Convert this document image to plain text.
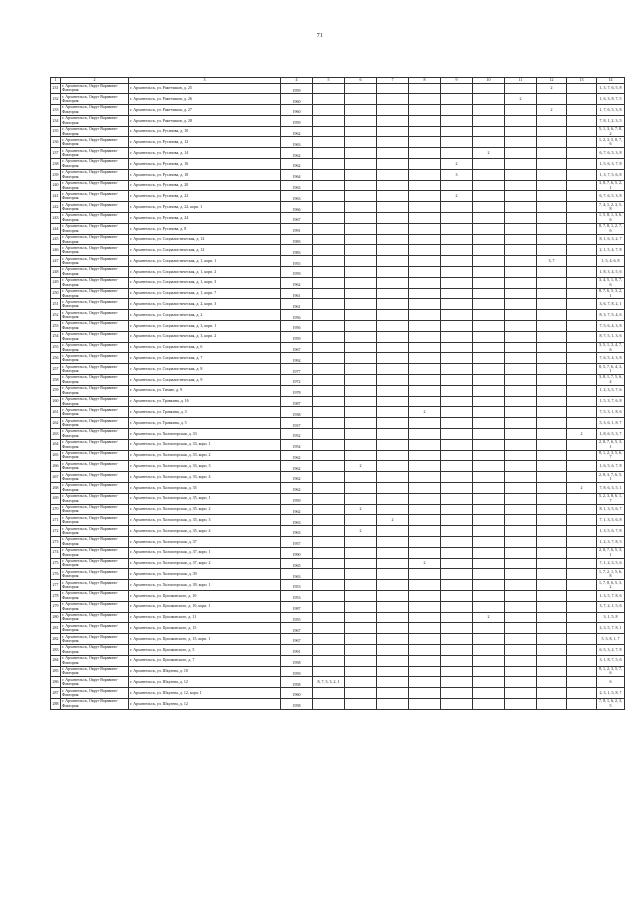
71
1	2	3	4	5	6	7	8	9	10	11	12	13	14
231	г. Архангельск, Округ Варавино-Фактория	г. Архангельск, ул. Ракетчиков, д. 25	1959								2		1, 3, 7, 6, 5, 8
232	г. Архангельск, Округ Варавино-Фактория	г. Архангельск, ул. Ракетчиков, д. 26	1960							2			1, 6, 3, 8, 7, 5
233	г. Архангельск, Округ Варавино-Фактория	г. Архангельск, ул. Ракетчиков, д. 27	1960								2		1, 7, 6, 5, 3, 8
234	г. Архангельск, Округ Варавино-Фактория	г. Архангельск, ул. Ракетчиков, д. 28	1959										7, 8, 1, 2, 3, 5
235	г. Архангельск, Округ Варавино-Фактория	г. Архангельск, ул. Русанова, д. 10	1962										5, 1, 3, 6, 7, 8, 2
236	г. Архангельск, Округ Варавино-Фактория	г. Архангельск, ул. Русанова, д. 12	1963										1, 2, 3, 5, 8, 7, 6
237	г. Архангельск, Округ Варавино-Фактория	г. Архангельск, ул. Русанова, д. 14	1962						2				6, 7, 6, 5, 3, 8
238	г. Архангельск, Округ Варавино-Фактория	г. Архангельск, ул. Русанова, д. 16	1962					2					1, 5, 6, 3, 7, 8
239	г. Архангельск, Округ Варавино-Фактория	г. Архангельск, ул. Русанова, д. 18	1964					3					1, 3, 7, 5, 6, 8
240	г. Архангельск, Округ Варавино-Фактория	г. Архангельск, ул. Русанова, д. 20	1963										3, 8, 7, 6, 5, 2, 1
241	г. Архангельск, Округ Варавино-Фактория	г. Архангельск, ул. Русанова, д. 22	1963					2					6, 7, 6, 5, 3, 8
242	г. Архангельск, Округ Варавино-Фактория	г. Архангельск, ул. Русанова, д. 22, корп. 1	1966										7, 4, 1, 2, 3, 5, 8
243	г. Архангельск, Округ Варавино-Фактория	г. Архангельск, ул. Русанова, д. 24	1967										1, 5, 8, 1, 3, 6, 6
244	г. Архангельск, Округ Варавино-Фактория	г. Архангельск, ул. Русанова, д. 8	1991										8, 7, 8, 1, 2, 7, 6
245	г. Архангельск, Округ Варавино-Фактория	г. Архангельск, ул. Социалистическая, д. 12	1983										8, 1, 6, 3, 2, 7
246	г. Архангельск, Округ Варавино-Фактория	г. Архангельск, ул. Социалистическая, д. 12	1983										2, 1, 5, 4, 7, 8
247	г. Архангельск, Округ Варавино-Фактория	г. Архангельск, ул. Социалистическая, д. 1, корп. 1	1955								3, 7		1, 5, 4, 6, 8
248	г. Архангельск, Округ Варавино-Фактория	г. Архангельск, ул. Социалистическая, д. 1, корп. 2	1959										1, 8, 3, 4, 5, 6
249	г. Архангельск, Округ Варавино-Фактория	г. Архангельск, ул. Социалистическая, д. 1, корп. 3	1962										3, 4, 5, 1, 8, 7, 6
250	г. Архангельск, Округ Варавино-Фактория	г. Архангельск, ул. Социалистическая, д. 1, корп. 7	1961										8, 7, 6, 5, 3, 2, 1
251	г. Архангельск, Округ Варавино-Фактория	г. Архангельск, ул. Социалистическая, д. 2, корп. 3	1961										3, 6, 7, 8, 2, 1
252	г. Архангельск, Округ Варавино-Фактория	г. Архангельск, ул. Социалистическая, д. 2	1956										8, 3, 7, 5, 4, 6
253	г. Архангельск, Округ Варавино-Фактория	г. Архангельск, ул. Социалистическая, д. 3, корп. 1	1956										7, 5, 6, 4, 3, 8
254	г. Архангельск, Округ Варавино-Фактория	г. Архангельск, ул. Социалистическая, д. 3, корп. 2	1959										8, 7, 5, 1, 3, 6
255	г. Архангельск, Округ Варавино-Фактория	г. Архангельск, ул. Социалистическая, д. 6	1967										3, 5, 1, 3, 4, 7, 6
256	г. Архангельск, Округ Варавино-Фактория	г. Архангельск, ул. Социалистическая, д. 7	1992										7, 6, 5, 4, 3, 8
257	г. Архангельск, Округ Варавино-Фактория	г. Архангельск, ул. Социалистическая, д. 8	1977										8, 5, 7, 6, 4, 3, 1
258	г. Архангельск, Округ Варавино-Фактория	г. Архангельск, ул. Социалистическая, д. 9	1972										3, 8, 1, 7, 5, 6, 4
259	г. Архангельск, Округ Варавино-Фактория	г. Архангельск, ул. Тимме, д. 9	1978										1, 2, 3, 5, 7, 6
260	г. Архангельск, Округ Варавино-Фактория	г. Архангельск, ул. Травкина, д. 16	1987										1, 5, 3, 7, 6, 8
261	г. Архангельск, Округ Варавино-Фактория	г. Архангельск, ул. Травкина, д. 3	1938				2						7, 5, 3, 1, 8, 6
262	г. Архангельск, Округ Варавино-Фактория	г. Архангельск, ул. Травкина, д. 5	1937										5, 3, 6, 1, 8, 7
263	г. Архангельск, Округ Варавино-Фактория	г. Архангельск, ул. Холмогорская, д. 33	1952									2	1, 8, 6, 5, 3, 7
264	г. Архангельск, Округ Варавино-Фактория	г. Архангельск, ул. Холмогорская, д. 33, корп. 1	1954										2, 8, 7, 6, 5, 3, 1
265	г. Архангельск, Округ Варавино-Фактория	г. Архангельск, ул. Холмогорская, д. 33, корп. 2	1962										8, 1, 2, 3, 5, 6, 7
266	г. Архангельск, Округ Варавино-Фактория	г. Архангельск, ул. Холмогорская, д. 33, корп. 3	1962		2								1, 6, 5, 6, 7, 8
267	г. Архангельск, Округ Варавино-Фактория	г. Архангельск, ул. Холмогорская, д. 33, корп. 4	1962										2, 8, 3, 7, 6, 5, 1
268	г. Архангельск, Округ Варавино-Фактория	г. Архангельск, ул. Холмогорская, д. 35	1962									2	7, 8, 6, 3, 5, 1
269	г. Архангельск, Округ Варавино-Фактория	г. Архангельск, ул. Холмогорская, д. 35, корп. 1	1959										5, 2, 3, 8, 6, 1, 7
270	г. Архангельск, Округ Варавино-Фактория	г. Архангельск, ул. Холмогорская, д. 35, корп. 2	1962		2								8, 1, 3, 5, 6, 7
271	г. Архангельск, Округ Варавино-Фактория	г. Архангельск, ул. Холмогорская, д. 35, корп. 3	1963			2							7, 1, 3, 5, 6, 8
272	г. Архангельск, Округ Варавино-Фактория	г. Архангельск, ул. Холмогорская, д. 35, корп. 4	1963		2								1, 3, 5, 6, 7, 8
273	г. Архангельск, Округ Варавино-Фактория	г. Архангельск, ул. Холмогорская, д. 37	1957										1, 2, 3, 7, 8, 5
274	г. Архангельск, Округ Варавино-Фактория	г. Архангельск, ул. Холмогорская, д. 37, корп. 1	1990										2, 8, 7, 6, 5, 3, 1
275	г. Архангельск, Округ Варавино-Фактория	г. Архангельск, ул. Холмогорская, д. 37, корп. 2	1965				2						7, 1, 2, 3, 5, 6
276	г. Архангельск, Округ Варавино-Фактория	г. Архангельск, ул. Холмогорская, д. 39	1963										1, 7, 2, 1, 5, 6, 8
277	г. Архангельск, Округ Варавино-Фактория	г. Архангельск, ул. Холмогорская, д. 39, корп. 1	1953										1, 7, 8, 6, 5, 3, 2
278	г. Архангельск, Округ Варавино-Фактория	г. Архангельск, ул. Циолковского, д. 10	1953										1, 3, 5, 7, 8, 6
279	г. Архангельск, Округ Варавино-Фактория	г. Архангельск, ул. Циолковского, д. 10, корп. 1	1987										3, 7, 2, 1, 5, 6
280	г. Архангельск, Округ Варавино-Фактория	г. Архангельск, ул. Циолковского, д. 11	1955						2				3, 1, 5, 8
281	г. Архангельск, Округ Варавино-Фактория	г. Архангельск, ул. Циолковского, д. 15	1967										2, 3, 5, 7, 8, 1
282	г. Архангельск, Округ Варавино-Фактория	г. Архангельск, ул. Циолковского, д. 15, корп. 1	1967										5, 3, 8, 1, 7
283	г. Архангельск, Округ Варавино-Фактория	г. Архангельск, ул. Циолковского, д. 5	1991										6, 5, 3, 2, 7, 8
284	г. Архангельск, Округ Варавино-Фактория	г. Архангельск, ул. Циолковского, д. 7	1958										3, 1, 8, 7, 5, 6
285	г. Архангельск, Округ Варавино-Фактория	г. Архангельск, ул. Шкулева, д. 10	1959										8, 1, 2, 3, 5, 7, 6
286	г. Архангельск, Округ Варавино-Фактория	г. Архангельск, ул. Шкулева, д. 12	1958	8, 7, 5, 3, 2, 1									6
287	г. Архангельск, Округ Варавино-Фактория	г. Архангельск, ул. Шкулева, д. 12, корп. 1	1960										2, 3, 1, 5, 8, 7
288	г. Архангельск, Округ Варавино-Фактория	г. Архангельск, ул. Шкулева, д. 12	1958										7, 8, 1, 6, 2, 3, 5
